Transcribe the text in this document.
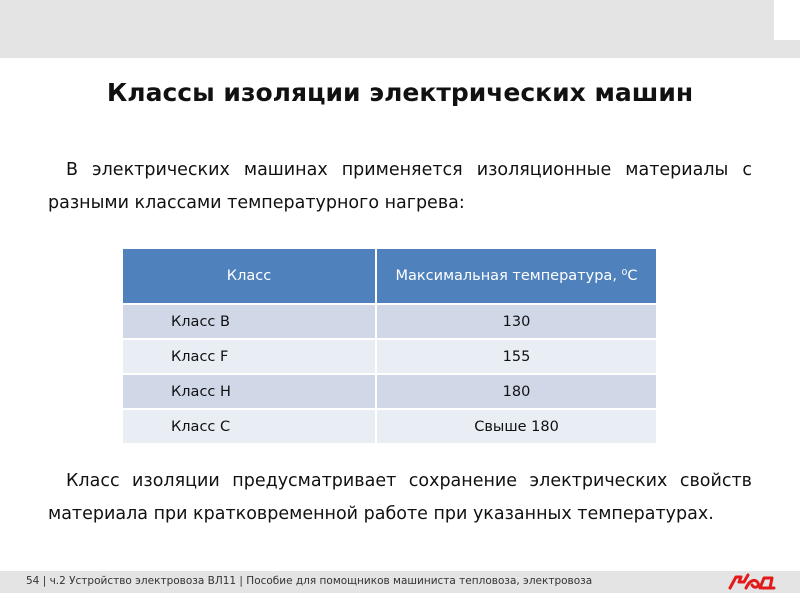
Классы изоляции электрических машин
В электрических машинах применяется изоляционные материалы с разными классами температурного нагрева:
Класс	Максимальная температура, ⁰С
Класс B	130
Класс F	155
Класс H	180
Класс C	Свыше 180
Класс изоляции предусматривает сохранение электрических свойств материала при кратковременной работе при указанных температурах.
54 | ч.2 Устройство электровоза ВЛ11 | Пособие для помощников машиниста тепловоза, электровоза
